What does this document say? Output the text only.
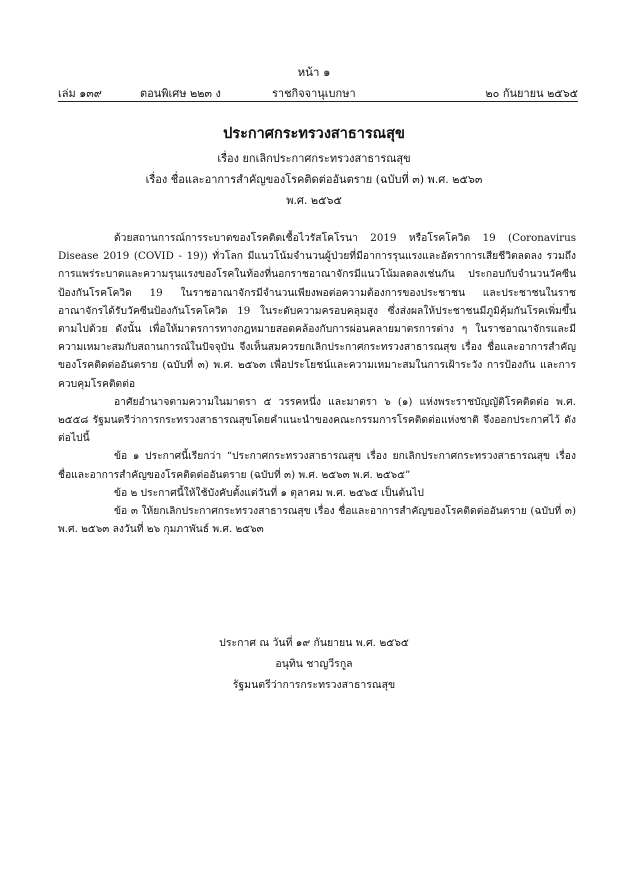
หน้า ๑
เล่ม ๑๓๙	ตอนพิเศษ ๒๒๓ ง	ราชกิจจานุเบกษา	๒๐ กันยายน ๒๕๖๕
ประกาศกระทรวงสาธารณสุข
เรื่อง ยกเลิกประกาศกระทรวงสาธารณสุข
เรื่อง ชื่อและอาการสำคัญของโรคติดต่ออันตราย (ฉบับที่ ๓) พ.ศ. ๒๕๖๓
พ.ศ. ๒๕๖๕

ด้วยสถานการณ์การระบาดของโรคติดเชื้อไวรัสโคโรนา 2019 หรือโรคโควิด 19 (Coronavirus Disease 2019 (COVID - 19)) ทั่วโลก มีแนวโน้มจำนวนผู้ป่วยที่มีอาการรุนแรงและอัตราการเสียชีวิตลดลง รวมถึงการแพร่ระบาดและความรุนแรงของโรคในท้องที่นอกราชอาณาจักรมีแนวโน้มลดลงเช่นกัน ประกอบกับจำนวนวัคซีนป้องกันโรคโควิด 19 ในราชอาณาจักรมีจำนวนเพียงพอต่อความต้องการของประชาชน และประชาชนในราชอาณาจักรได้รับวัคซีนป้องกันโรคโควิด 19 ในระดับความครอบคลุมสูง ซึ่งส่งผลให้ประชาชนมีภูมิคุ้มกันโรคเพิ่มขึ้นตามไปด้วย ดังนั้น เพื่อให้มาตรการทางกฎหมายสอดคล้องกับการผ่อนคลายมาตรการต่าง ๆ ในราชอาณาจักรและมีความเหมาะสมกับสถานการณ์ในปัจจุบัน จึงเห็นสมควรยกเลิกประกาศกระทรวงสาธารณสุข เรื่อง ชื่อและอาการสำคัญของโรคติดต่ออันตราย (ฉบับที่ ๓) พ.ศ. ๒๕๖๓ เพื่อประโยชน์และความเหมาะสมในการเฝ้าระวัง การป้องกัน และการควบคุมโรคติดต่อ

อาศัยอำนาจตามความในมาตรา ๕ วรรคหนึ่ง และมาตรา ๖ (๑) แห่งพระราชบัญญัติโรคติดต่อ พ.ศ. ๒๕๕๘ รัฐมนตรีว่าการกระทรวงสาธารณสุขโดยคำแนะนำของคณะกรรมการโรคติดต่อแห่งชาติ จึงออกประกาศไว้ ดังต่อไปนี้

ข้อ ๑ ประกาศนี้เรียกว่า “ประกาศกระทรวงสาธารณสุข เรื่อง ยกเลิกประกาศกระทรวงสาธารณสุข เรื่อง ชื่อและอาการสำคัญของโรคติดต่ออันตราย (ฉบับที่ ๓) พ.ศ. ๒๕๖๓ พ.ศ. ๒๕๖๕”

ข้อ ๒ ประกาศนี้ให้ใช้บังคับตั้งแต่วันที่ ๑ ตุลาคม พ.ศ. ๒๕๖๕ เป็นต้นไป

ข้อ ๓ ให้ยกเลิกประกาศกระทรวงสาธารณสุข เรื่อง ชื่อและอาการสำคัญของโรคติดต่ออันตราย (ฉบับที่ ๓) พ.ศ. ๒๕๖๓ ลงวันที่ ๒๖ กุมภาพันธ์ พ.ศ. ๒๕๖๓

ประกาศ ณ วันที่ ๑๙ กันยายน พ.ศ. ๒๕๖๕
อนุทิน ชาญวีรกูล
รัฐมนตรีว่าการกระทรวงสาธารณสุข
